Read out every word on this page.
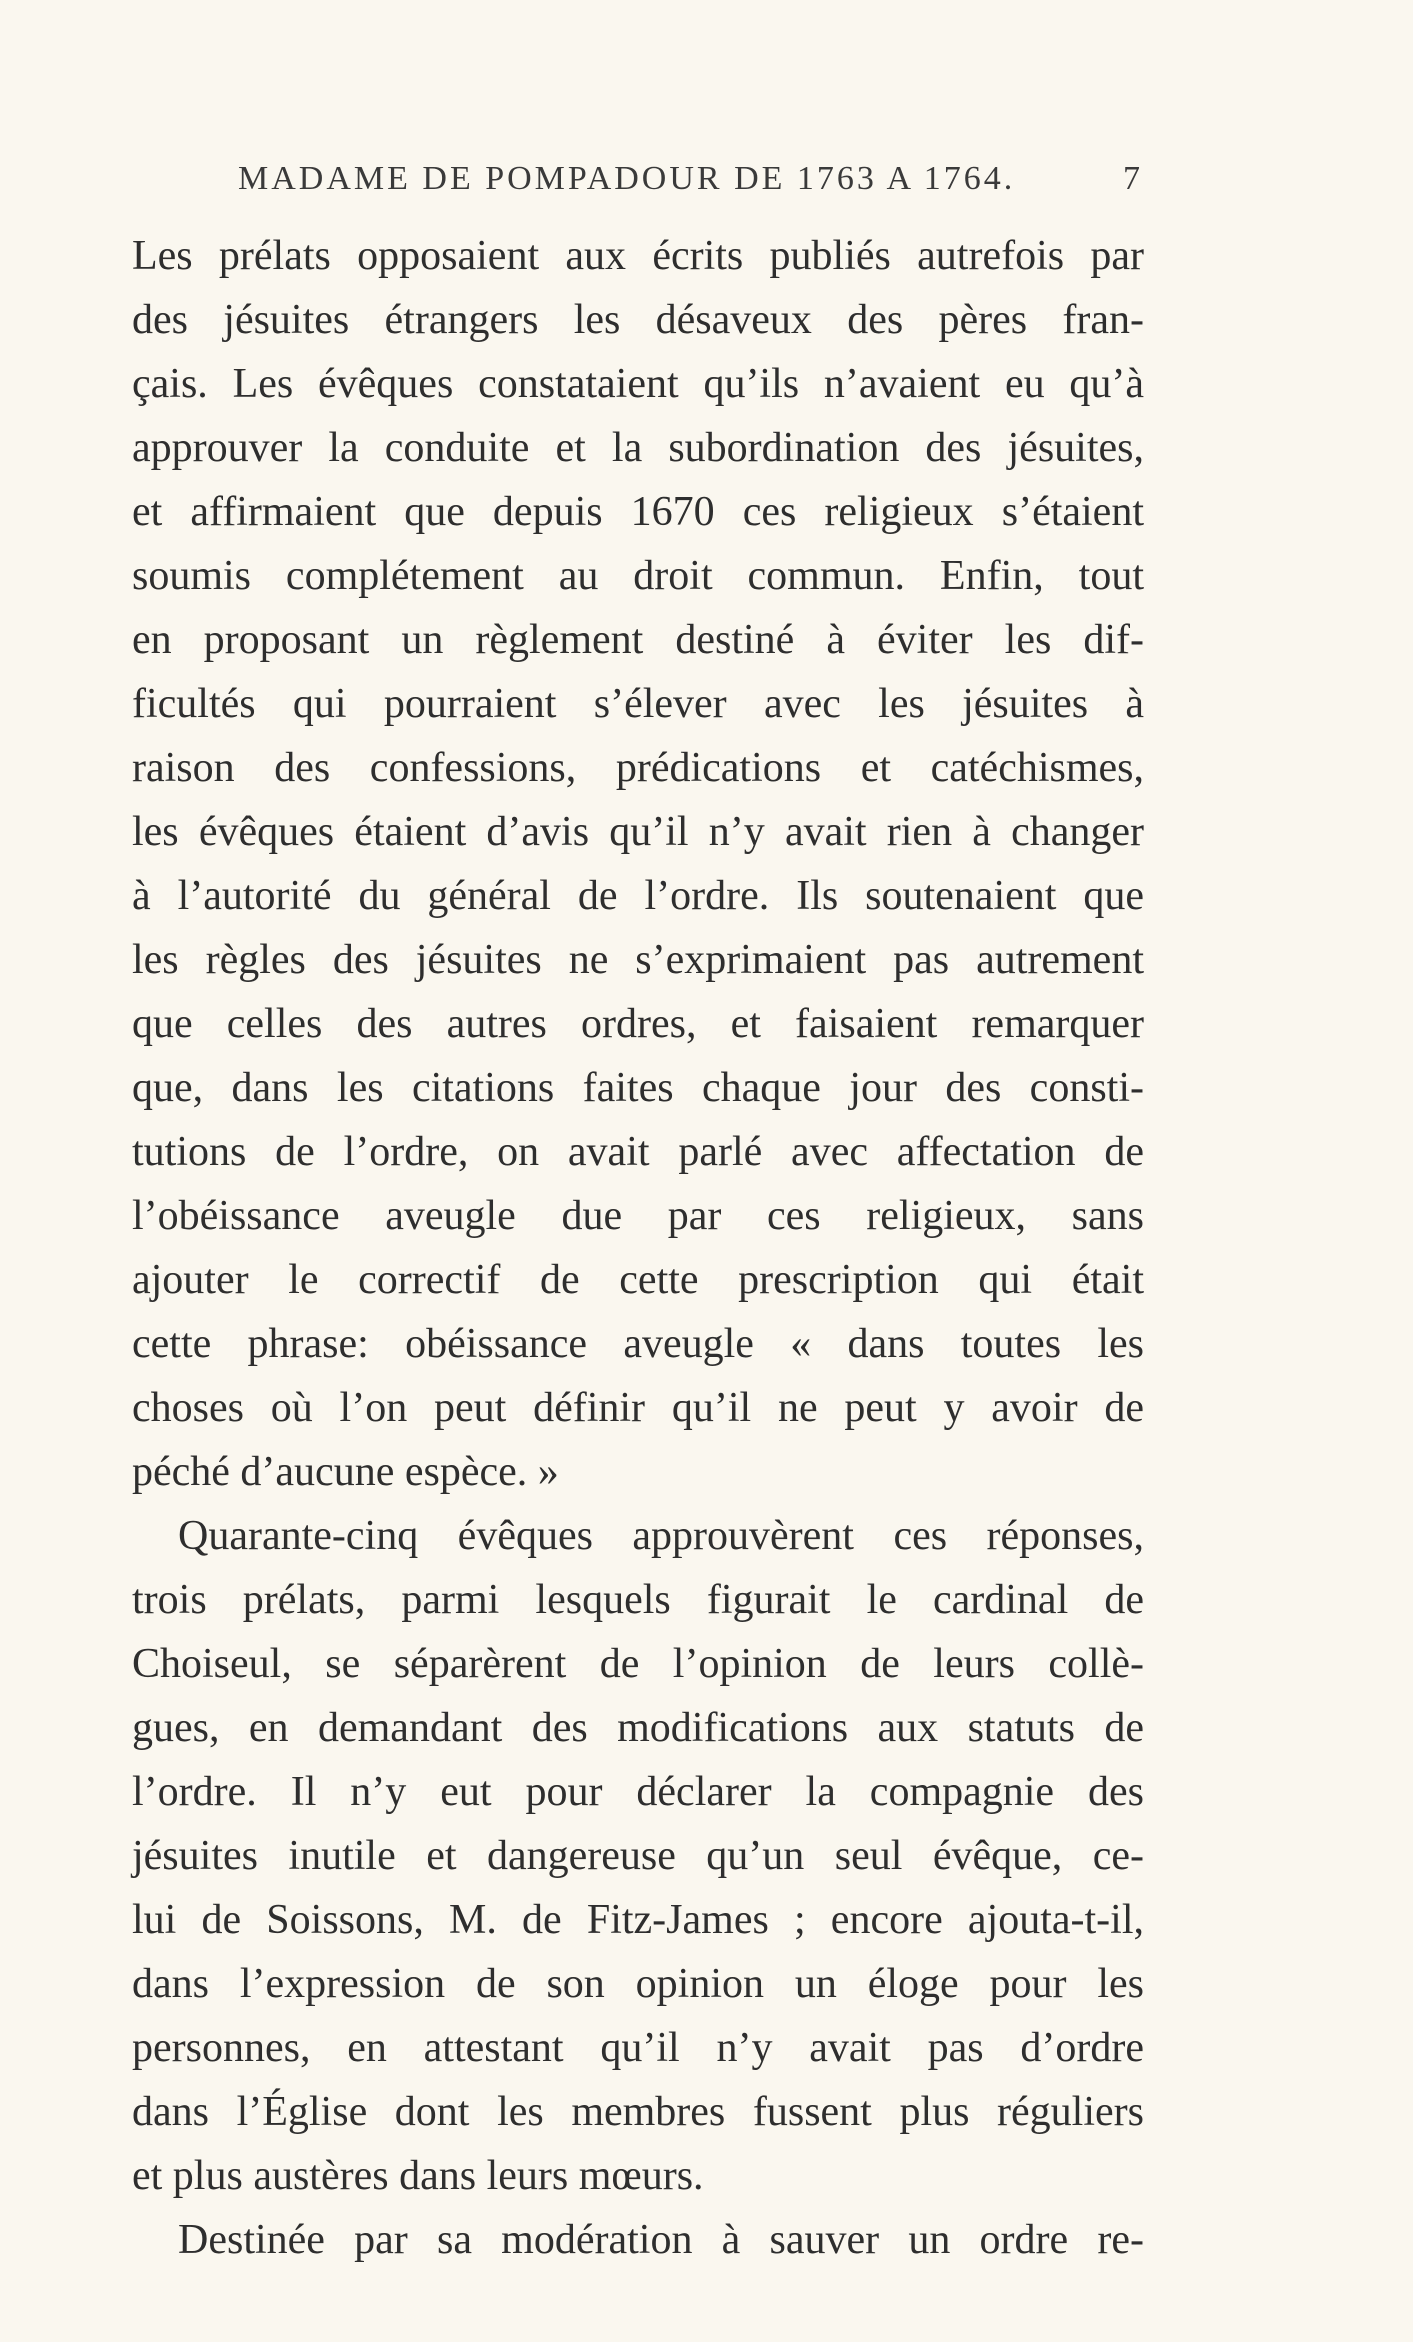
MADAME DE POMPADOUR DE 1763 A 1764.	7
Les prélats opposaient aux écrits publiés autrefois par
des jésuites étrangers les désaveux des pères fran-
çais. Les évêques constataient qu’ils n’avaient eu qu’à
approuver la conduite et la subordination des jésuites,
et affirmaient que depuis 1670 ces religieux s’étaient
soumis complétement au droit commun. Enfin, tout
en proposant un règlement destiné à éviter les dif-
ficultés qui pourraient s’élever avec les jésuites à
raison des confessions, prédications et catéchismes,
les évêques étaient d’avis qu’il n’y avait rien à changer
à l’autorité du général de l’ordre. Ils soutenaient que
les règles des jésuites ne s’exprimaient pas autrement
que celles des autres ordres, et faisaient remarquer
que, dans les citations faites chaque jour des consti-
tutions de l’ordre, on avait parlé avec affectation de
l’obéissance aveugle due par ces religieux, sans
ajouter le correctif de cette prescription qui était
cette phrase: obéissance aveugle « dans toutes les
choses où l’on peut définir qu’il ne peut y avoir de
péché d’aucune espèce. »
Quarante-cinq évêques approuvèrent ces réponses,
trois prélats, parmi lesquels figurait le cardinal de
Choiseul, se séparèrent de l’opinion de leurs collè-
gues, en demandant des modifications aux statuts de
l’ordre. Il n’y eut pour déclarer la compagnie des
jésuites inutile et dangereuse qu’un seul évêque, ce-
lui de Soissons, M. de Fitz-James ; encore ajouta-t-il,
dans l’expression de son opinion un éloge pour les
personnes, en attestant qu’il n’y avait pas d’ordre
dans l’Église dont les membres fussent plus réguliers
et plus austères dans leurs mœurs.
Destinée par sa modération à sauver un ordre re-
